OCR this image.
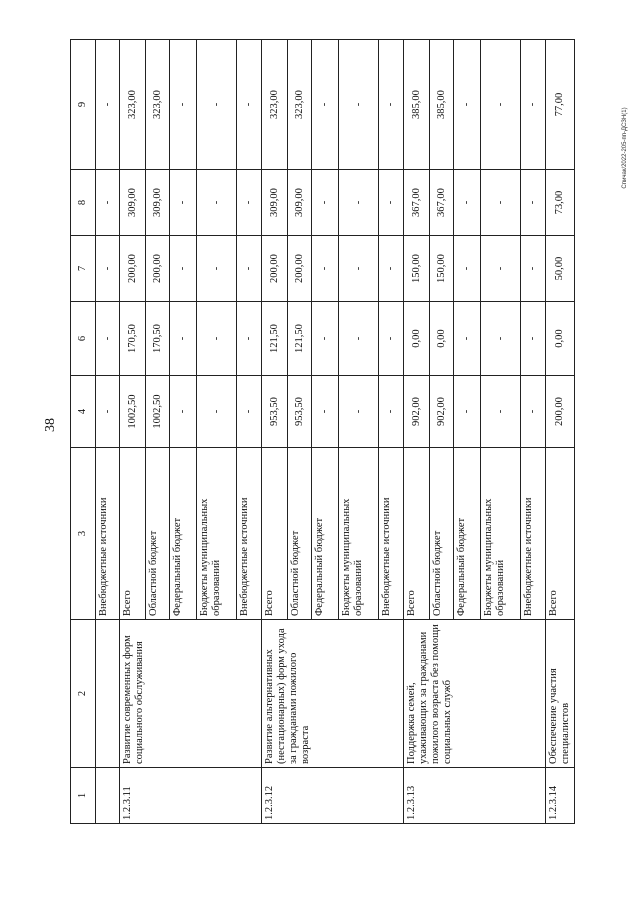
38
Спичак/2022-205-пп-ДСЗН(1)
1	2	3	4	6	7	8	9
		Внебюджетные источники	-	-	-	-	-
1.2.3.11	Развитие современных форм социального обслуживания	Всего	1002,50	170,50	200,00	309,00	323,00
		Областной бюджет	1002,50	170,50	200,00	309,00	323,00
		Федеральный бюджет	-	-	-	-	-
		Бюджеты муниципальных образований	-	-	-	-	-
		Внебюджетные источники	-	-	-	-	-
1.2.3.12	Развитие альтернативных (нестационарных) форм ухода за гражданами пожилого возраста	Всего	953,50	121,50	200,00	309,00	323,00
		Областной бюджет	953,50	121,50	200,00	309,00	323,00
		Федеральный бюджет	-	-	-	-	-
		Бюджеты муниципальных образований	-	-	-	-	-
		Внебюджетные источники	-	-	-	-	-
1.2.3.13	Поддержка семей, ухаживающих за гражданами пожилого возраста без помощи социальных служб	Всего	902,00	0,00	150,00	367,00	385,00
		Областной бюджет	902,00	0,00	150,00	367,00	385,00
		Федеральный бюджет	-	-	-	-	-
		Бюджеты муниципальных образований	-	-	-	-	-
		Внебюджетные источники	-	-	-	-	-
1.2.3.14	Обеспечение участия специалистов	Всего	200,00	0,00	50,00	73,00	77,00
